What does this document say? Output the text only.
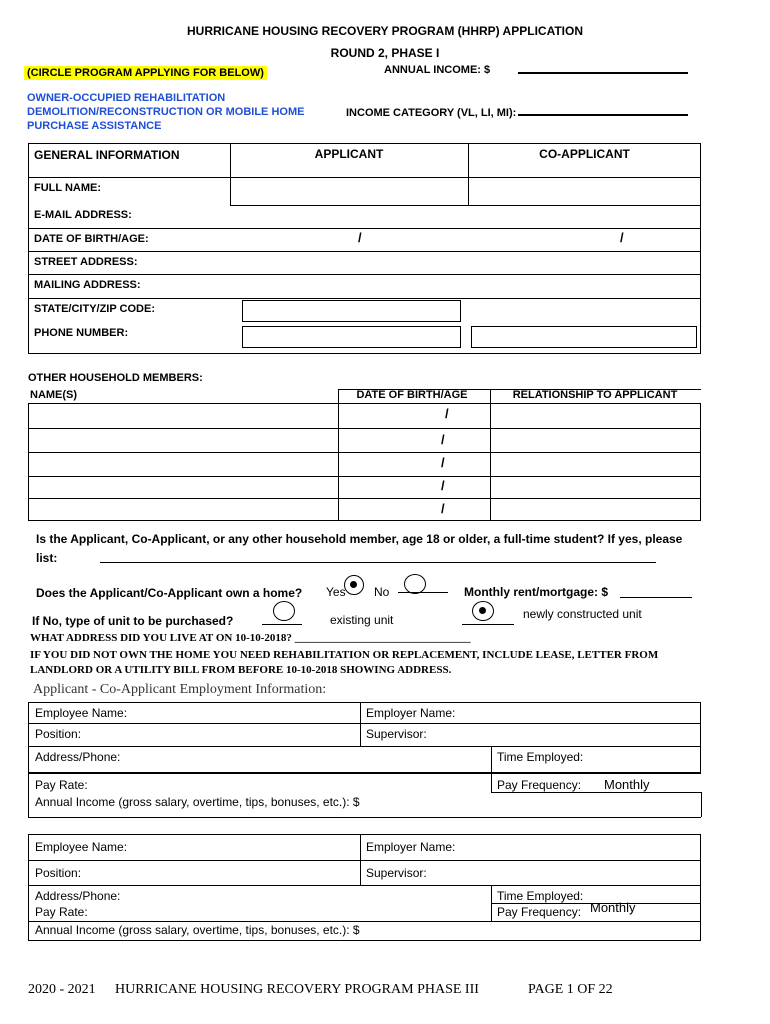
HURRICANE HOUSING RECOVERY PROGRAM (HHRP) APPLICATION
ROUND 2, PHASE I
(CIRCLE PROGRAM APPLYING FOR BELOW)	ANNUAL INCOME: $
OWNER-OCCUPIED REHABILITATION
DEMOLITION/RECONSTRUCTION OR MOBILE HOME
PURCHASE ASSISTANCE
INCOME CATEGORY (VL, LI, MI):
GENERAL INFORMATION	APPLICANT	CO-APPLICANT
FULL NAME:
E-MAIL ADDRESS:
DATE OF BIRTH/AGE:	/	/
STREET ADDRESS:
MAILING ADDRESS:
STATE/CITY/ZIP CODE:
PHONE NUMBER:
OTHER HOUSEHOLD MEMBERS:
NAME(S)	DATE OF BIRTH/AGE	RELATIONSHIP TO APPLICANT
/
/
/
/
/
Is the Applicant, Co-Applicant, or any other household member, age 18 or older, a full-time student? If yes, please list:
Does the Applicant/Co-Applicant own a home? Yes No	Monthly rent/mortgage: $
If No, type of unit to be purchased?	existing unit	newly constructed unit
WHAT ADDRESS DID YOU LIVE AT ON 10-10-2018? ________________________________
IF YOU DID NOT OWN THE HOME YOU NEED REHABILITATION OR REPLACEMENT, INCLUDE LEASE, LETTER FROM LANDLORD OR A UTILITY BILL FROM BEFORE 10-10-2018 SHOWING ADDRESS.
Applicant - Co-Applicant Employment Information:
Employee Name:	Employer Name:
Position:	Supervisor:
Address/Phone:	Time Employed:
Pay Rate:	Pay Frequency: Monthly
Annual Income (gross salary, overtime, tips, bonuses, etc.): $
Employee Name:	Employer Name:
Position:	Supervisor:
Address/Phone:	Time Employed:
Pay Rate:	Pay Frequency: Monthly
Annual Income (gross salary, overtime, tips, bonuses, etc.): $
2020 - 2021 HURRICANE HOUSING RECOVERY PROGRAM PHASE III	PAGE 1 OF 22
